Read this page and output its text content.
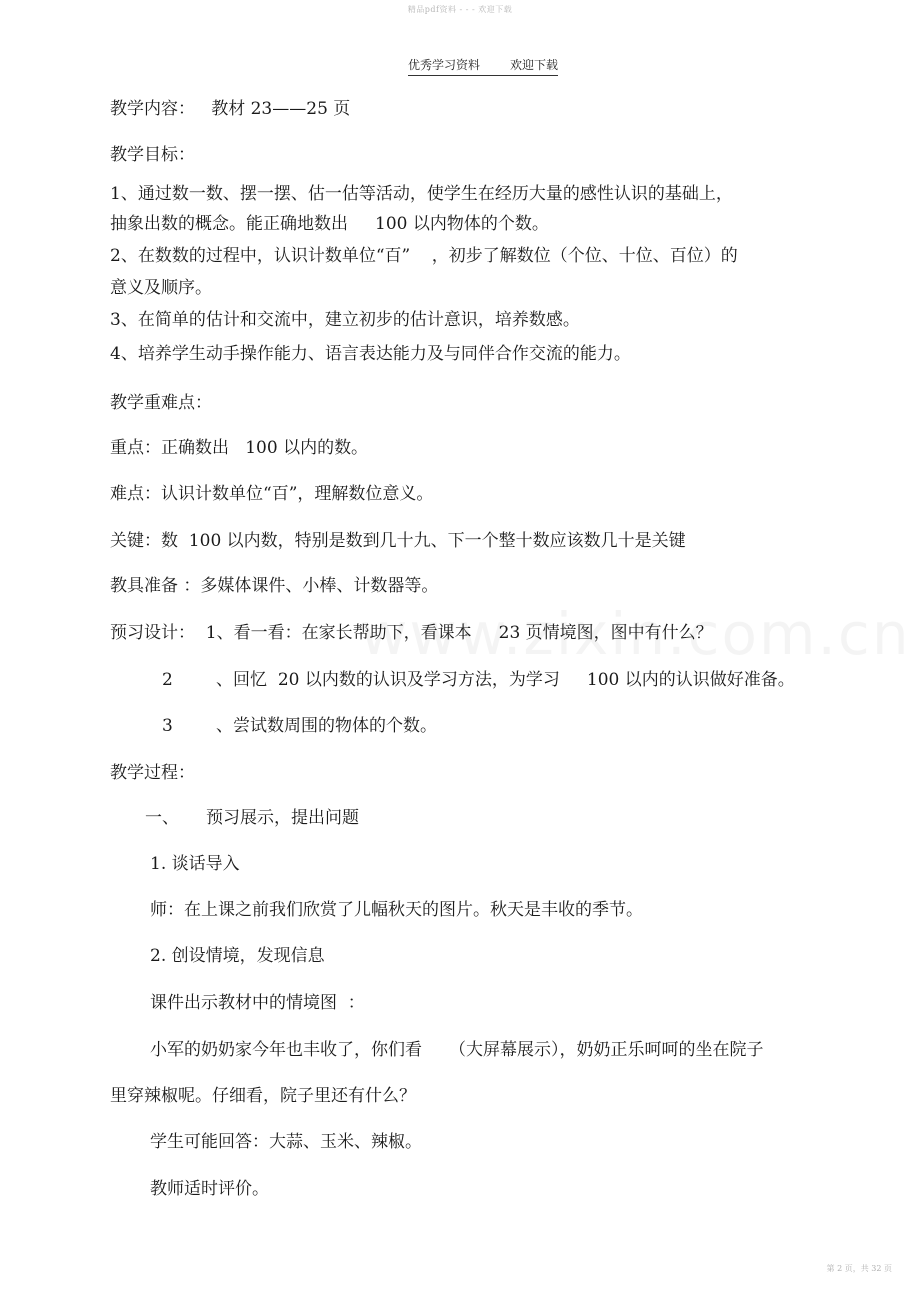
精品pdf资料 - - - 欢迎下载
优秀学习资料	欢迎下载
教学内容：   教材 23——25 页
教学目标：
1、通过数一数、摆一摆、估一估等活动，使学生在经历大量的感性认识的基础上，
抽象出数的概念。能正确地数出     100 以内物体的个数。
2、在数数的过程中，认识计数单位“百”    ，初步了解数位（个位、十位、百位）的
意义及顺序。
3、在简单的估计和交流中，建立初步的估计意识，培养数感。
4、培养学生动手操作能力、语言表达能力及与同伴合作交流的能力。
教学重难点：
重点：正确数出   100 以内的数。
难点：认识计数单位“百”，理解数位意义。
关键：数  100 以内数，特别是数到几十九、下一个整十数应该数几十是关键
教具准备 ：多媒体课件、小棒、计数器等。
预习设计：  1、看一看：在家长帮助下，看课本     23 页情境图，图中有什么？
2        、回忆  20 以内数的认识及学习方法，为学习     100 以内的认识做好准备。
3        、尝试数周围的物体的个数。
教学过程：
一、     预习展示，提出问题
1. 谈话导入
师：在上课之前我们欣赏了儿幅秋天的图片。秋天是丰收的季节。
2. 创设情境，发现信息
课件出示教材中的情境图  ：
小军的奶奶家今年也丰收了，你们看     （大屏幕展示），奶奶正乐呵呵的坐在院子
里穿辣椒呢。仔细看，院子里还有什么？
学生可能回答：大蒜、玉米、辣椒。
教师适时评价。
第 2 页，共 32 页
